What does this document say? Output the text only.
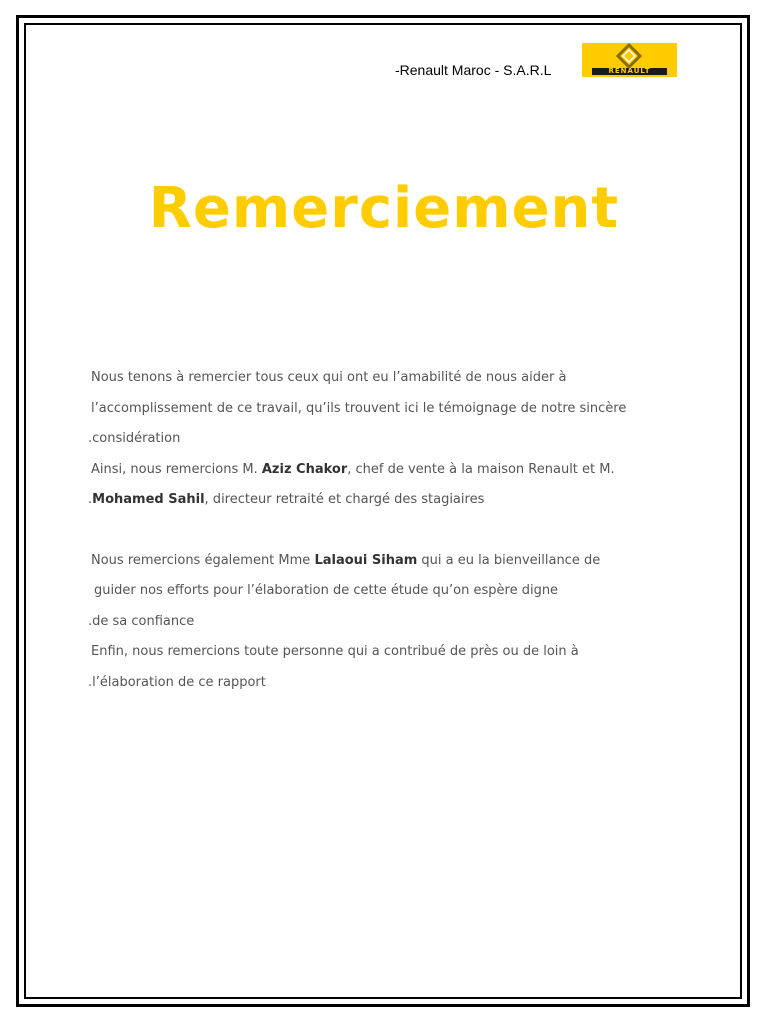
-Renault Maroc - S.A.R.L	RENAULT
Remerciement
Nous tenons à remercier tous ceux qui ont eu l’amabilité de nous aider à
l’accomplissement de ce travail, qu’ils trouvent ici le témoignage de notre sincère
.considération
Ainsi, nous remercions M. Aziz Chakor, chef de vente à la maison Renault et M.
.Mohamed Sahil, directeur retraité et chargé des stagiaires
Nous remercions également Mme Lalaoui Siham qui a eu la bienveillance de
guider nos efforts pour l’élaboration de cette étude qu’on espère digne
.de sa confiance
Enfin, nous remercions toute personne qui a contribué de près ou de loin à
.l’élaboration de ce rapport
